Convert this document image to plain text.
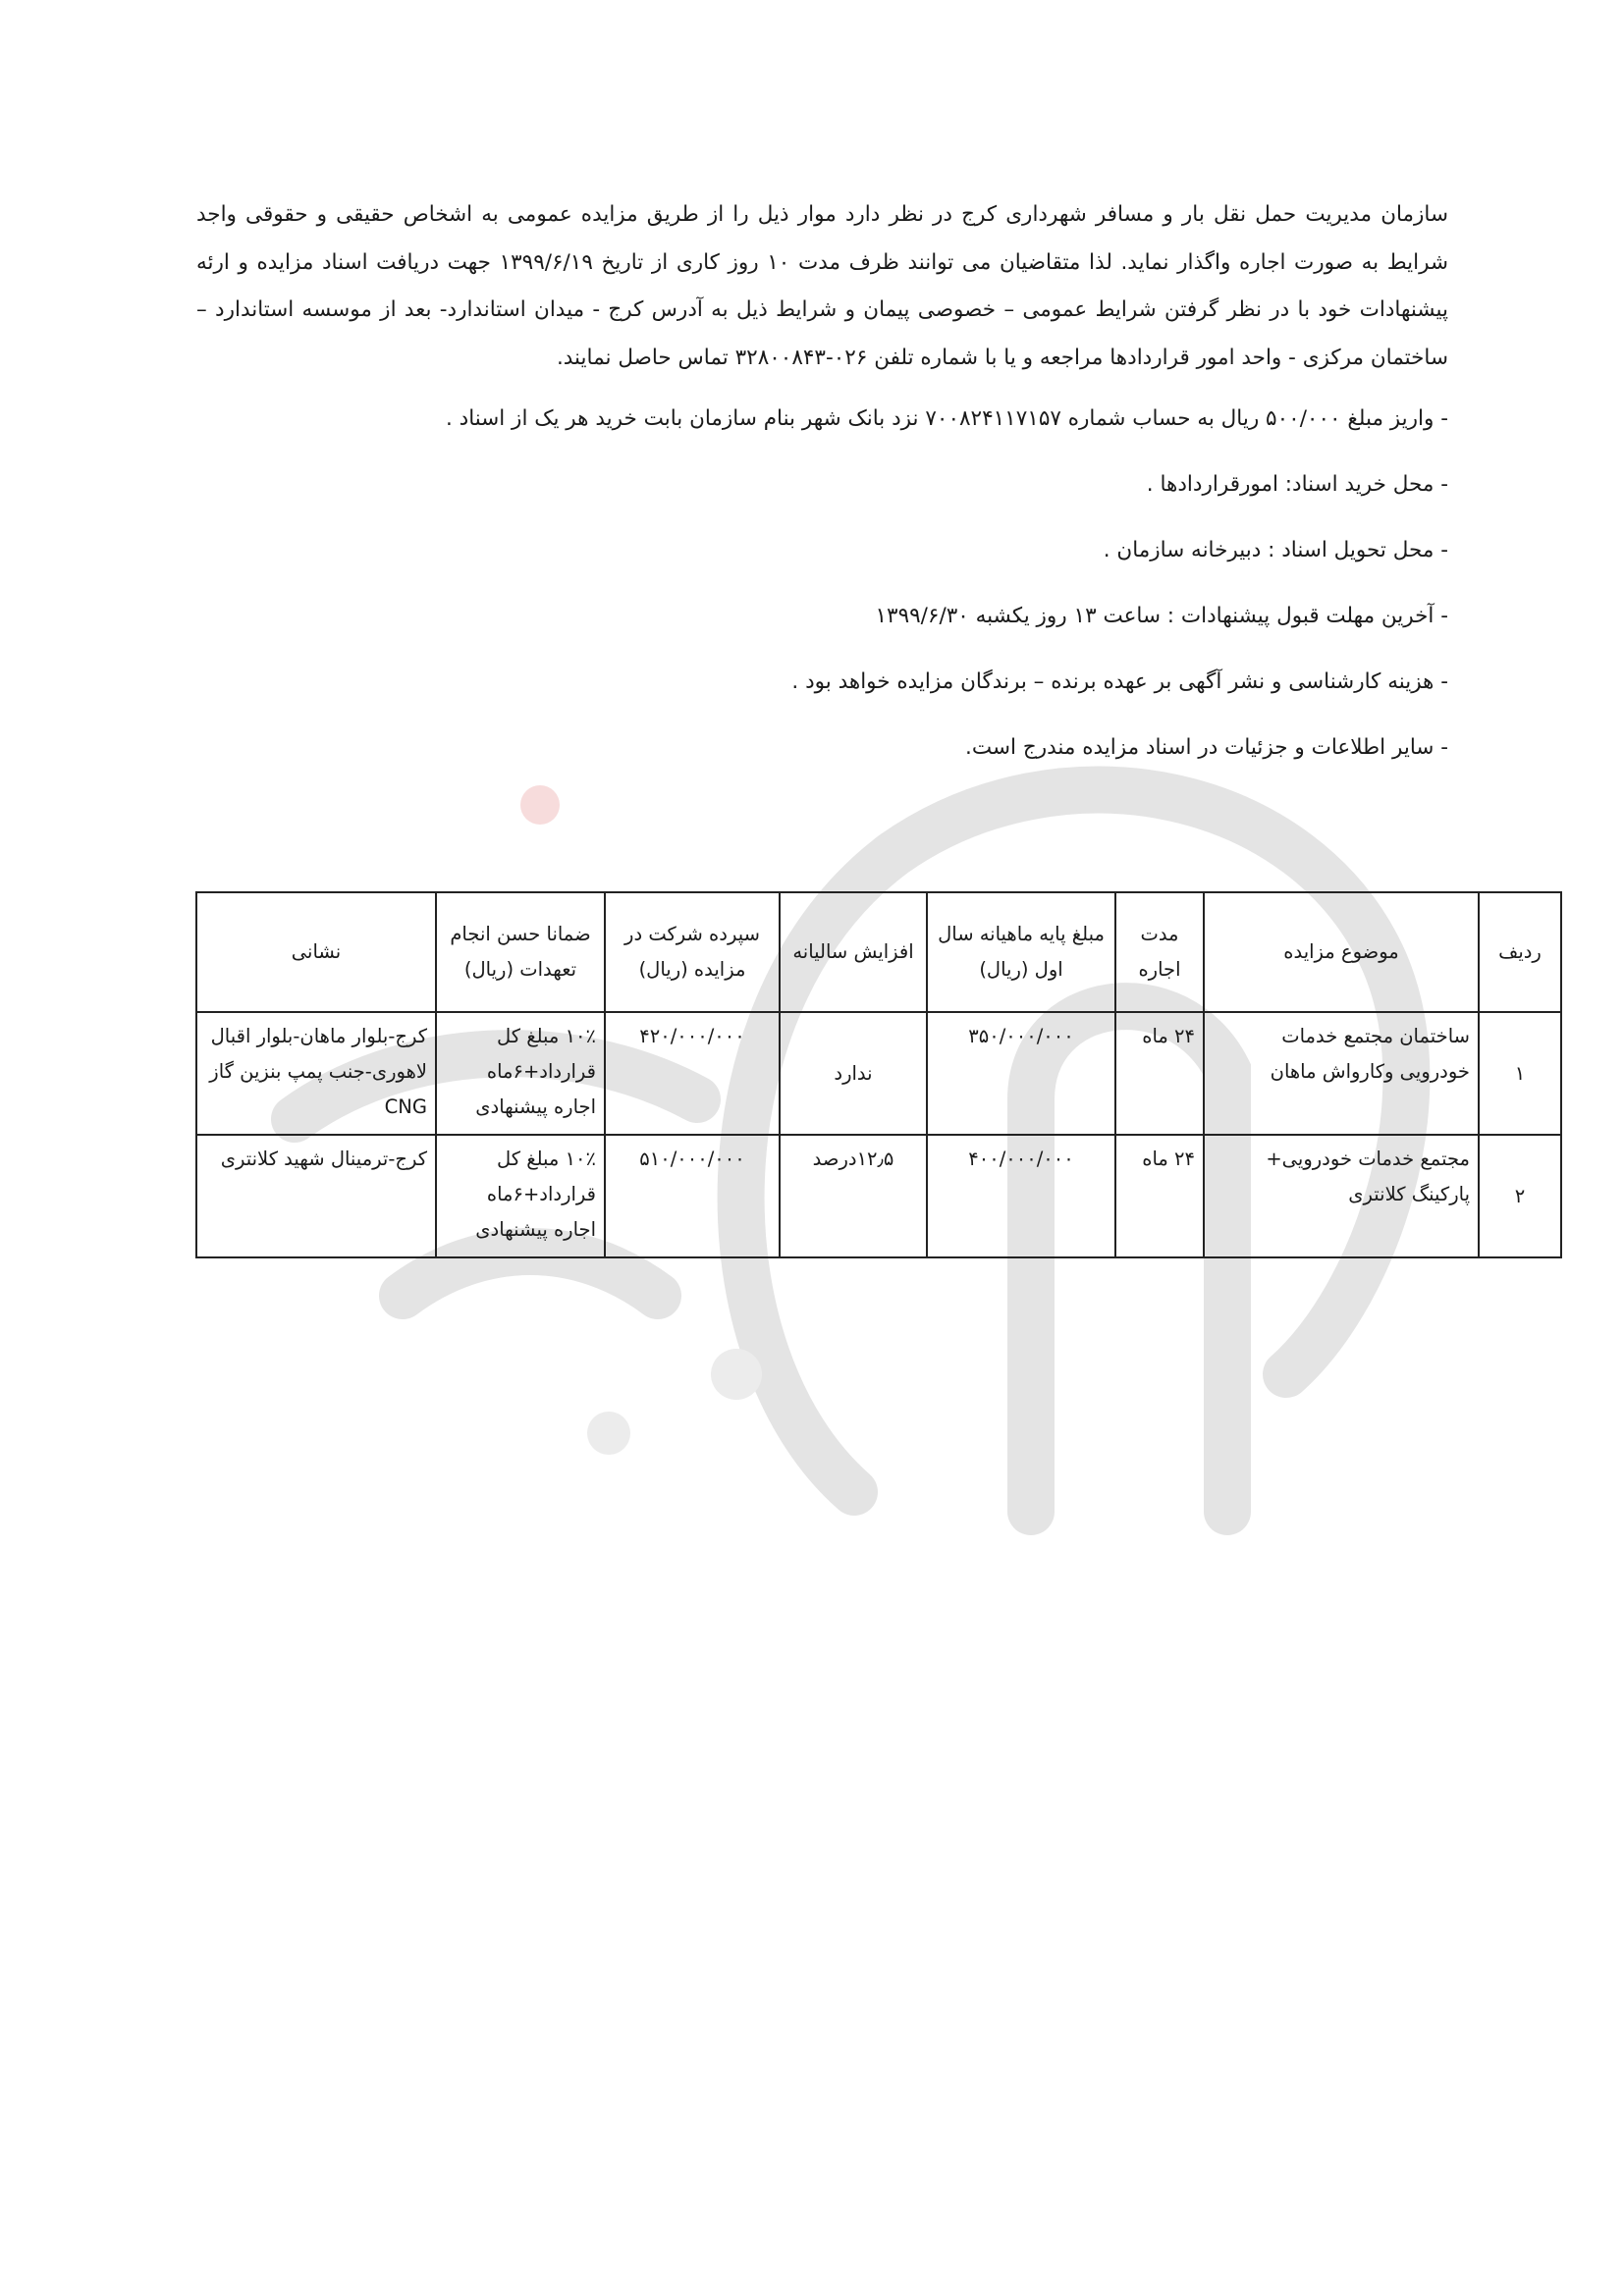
سازمان مدیریت حمل نقل بار و مسافر شهرداری کرج در نظر دارد موار ذیل را از طریق مزایده عمومی به اشخاص حقیقی و حقوقی واجد شرایط به صورت اجاره واگذار نماید. لذا متقاضیان می توانند ظرف مدت ۱۰ روز کاری از تاریخ ۱۳۹۹/۶/۱۹ جهت دریافت اسناد مزایده و ارئه پیشنهادات خود با در نظر گرفتن شرایط عمومی – خصوصی پیمان و شرایط ذیل به آدرس کرج - میدان استاندارد- بعد از موسسه استاندارد – ساختمان مرکزی - واحد امور قراردادها مراجعه و یا با شماره تلفن ۰۲۶-۳۲۸۰۰۸۴۳ تماس حاصل نمایند.

- واریز مبلغ ۵۰۰/۰۰۰ ریال به حساب شماره ۷۰۰۸۲۴۱۱۷۱۵۷ نزد بانک شهر بنام سازمان بابت خرید هر یک از اسناد .
- محل خرید اسناد: امورقراردادها .
- محل تحویل اسناد : دبیرخانه سازمان .
- آخرین مهلت قبول پیشنهادات : ساعت ۱۳ روز یکشبه ۱۳۹۹/۶/۳۰
- هزینه کارشناسی و نشر آگهی بر عهده برنده – برندگان مزایده خواهد بود .
- سایر اطلاعات و جزئیات در اسناد مزایده مندرج است.
ردیف	موضوع مزایده	مدت اجاره	مبلغ پایه ماهیانه سال اول (ریال)	افزایش سالیانه	سپرده شرکت در مزایده (ریال)	ضمانا حسن انجام تعهدات (ریال)	نشانی
۱	ساختمان مجتمع خدمات خودرویی وکارواش ماهان	۲۴ ماه	۳۵۰/۰۰۰/۰۰۰	ندارد	۴۲۰/۰۰۰/۰۰۰	۱۰٪ مبلغ کل قرارداد+۶ماه اجاره پیشنهادی	کرج-بلوار ماهان-بلوار اقبال لاهوری-جنب پمپ بنزین گاز CNG
۲	مجتمع خدمات خودرویی+ پارکینگ کلانتری	۲۴ ماه	۴۰۰/۰۰۰/۰۰۰	۱۲٫۵درصد	۵۱۰/۰۰۰/۰۰۰	۱۰٪ مبلغ کل قرارداد+۶ماه اجاره پیشنهادی	کرج-ترمینال شهید کلانتری
